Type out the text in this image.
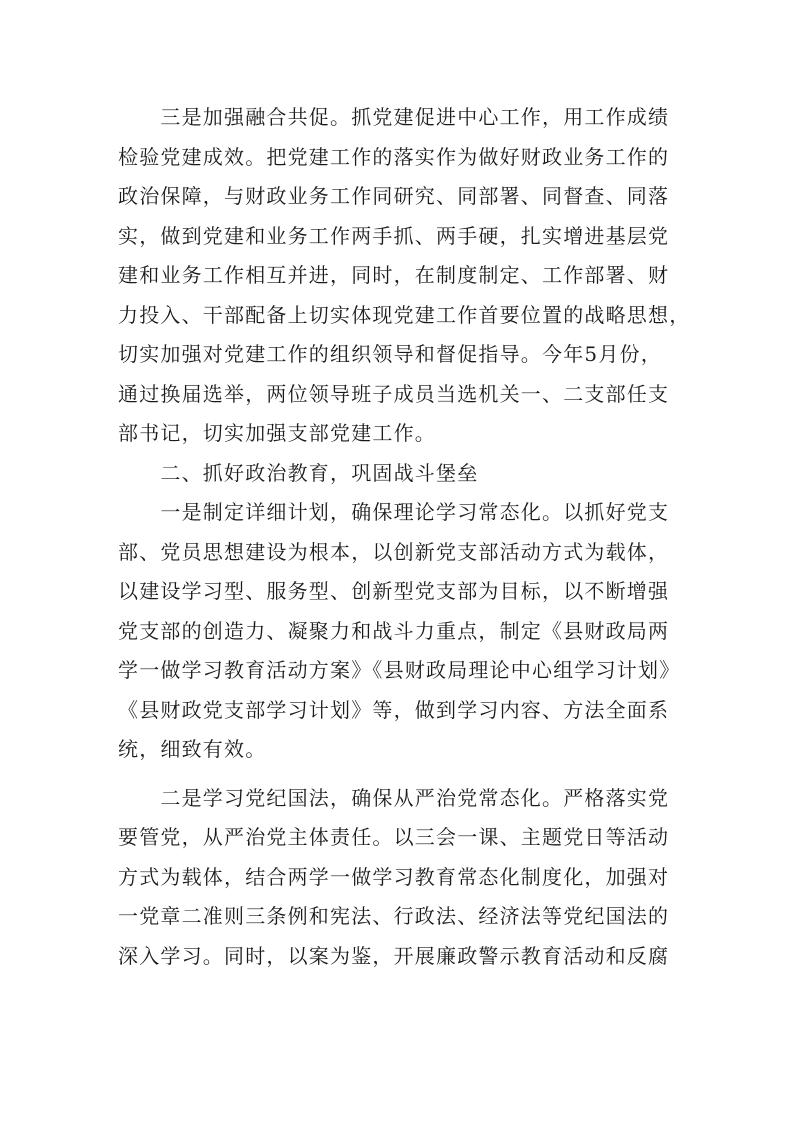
　　三是加强融合共促。抓党建促进中心工作，用工作成绩
检验党建成效。把党建工作的落实作为做好财政业务工作的
政治保障，与财政业务工作同研究、同部署、同督查、同落
实，做到党建和业务工作两手抓、两手硬，扎实增进基层党
建和业务工作相互并进，同时，在制度制定、工作部署、财
力投入、干部配备上切实体现党建工作首要位置的战略思想，
切实加强对党建工作的组织领导和督促指导。今年5月份，
通过换届选举，两位领导班子成员当选机关一、二支部任支
部书记，切实加强支部党建工作。
　　二、抓好政治教育，巩固战斗堡垒
　　一是制定详细计划，确保理论学习常态化。以抓好党支
部、党员思想建设为根本，以创新党支部活动方式为载体，
以建设学习型、服务型、创新型党支部为目标，以不断增强
党支部的创造力、凝聚力和战斗力重点，制定《县财政局两
学一做学习教育活动方案》《县财政局理论中心组学习计划》
《县财政党支部学习计划》等，做到学习内容、方法全面系
统，细致有效。
　　二是学习党纪国法，确保从严治党常态化。严格落实党
要管党，从严治党主体责任。以三会一课、主题党日等活动
方式为载体，结合两学一做学习教育常态化制度化，加强对
一党章二准则三条例和宪法、行政法、经济法等党纪国法的
深入学习。同时，以案为鉴，开展廉政警示教育活动和反腐
